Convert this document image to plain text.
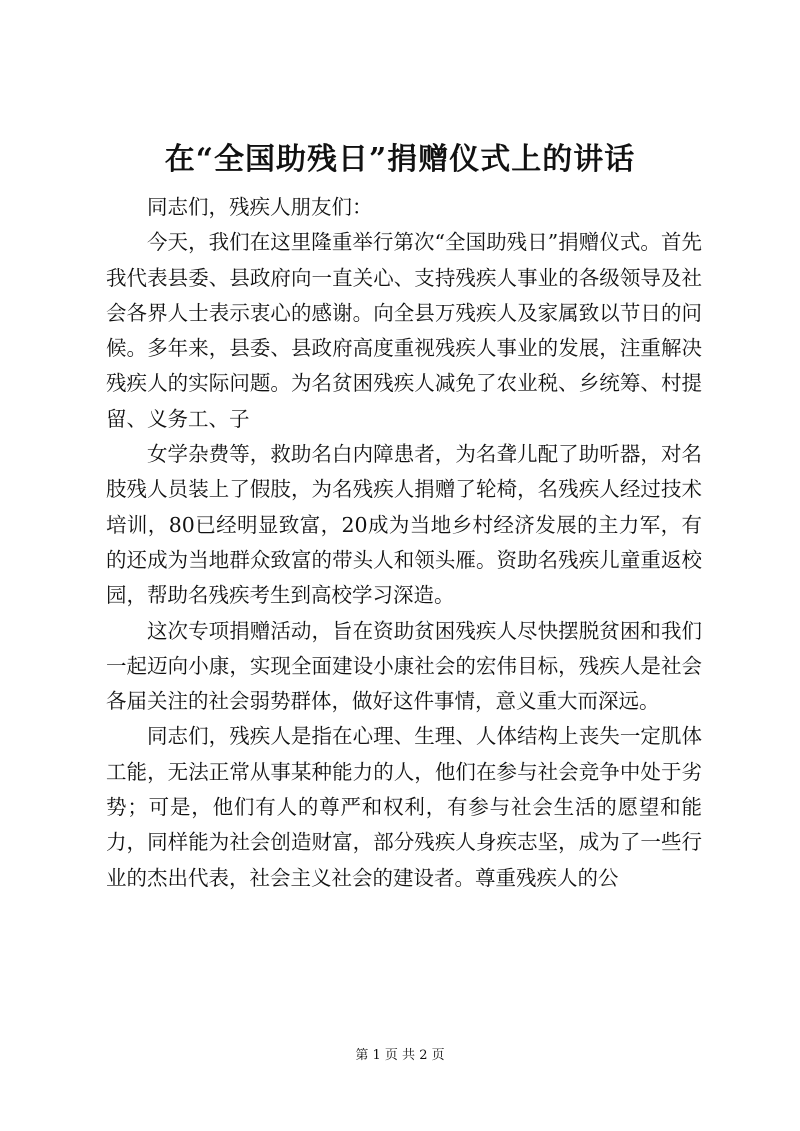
在“全国助残日”捐赠仪式上的讲话

同志们，残疾人朋友们：

今天，我们在这里隆重举行第次“全国助残日”捐赠仪式。首先我代表县委、县政府向一直关心、支持残疾人事业的各级领导及社会各界人士表示衷心的感谢。向全县万残疾人及家属致以节日的问候。多年来，县委、县政府高度重视残疾人事业的发展，注重解决残疾人的实际问题。为名贫困残疾人减免了农业税、乡统筹、村提留、义务工、子

女学杂费等，救助名白内障患者，为名聋儿配了助听器，对名肢残人员装上了假肢，为名残疾人捐赠了轮椅，名残疾人经过技术培训，80已经明显致富，20成为当地乡村经济发展的主力军，有的还成为当地群众致富的带头人和领头雁。资助名残疾儿童重返校园，帮助名残疾考生到高校学习深造。

这次专项捐赠活动，旨在资助贫困残疾人尽快摆脱贫困和我们一起迈向小康，实现全面建设小康社会的宏伟目标，残疾人是社会各届关注的社会弱势群体，做好这件事情，意义重大而深远。

同志们，残疾人是指在心理、生理、人体结构上丧失一定肌体工能，无法正常从事某种能力的人，他们在参与社会竞争中处于劣势；可是，他们有人的尊严和权利，有参与社会生活的愿望和能力，同样能为社会创造财富，部分残疾人身疾志坚，成为了一些行业的杰出代表，社会主义社会的建设者。尊重残疾人的公

第 1 页 共 2 页
